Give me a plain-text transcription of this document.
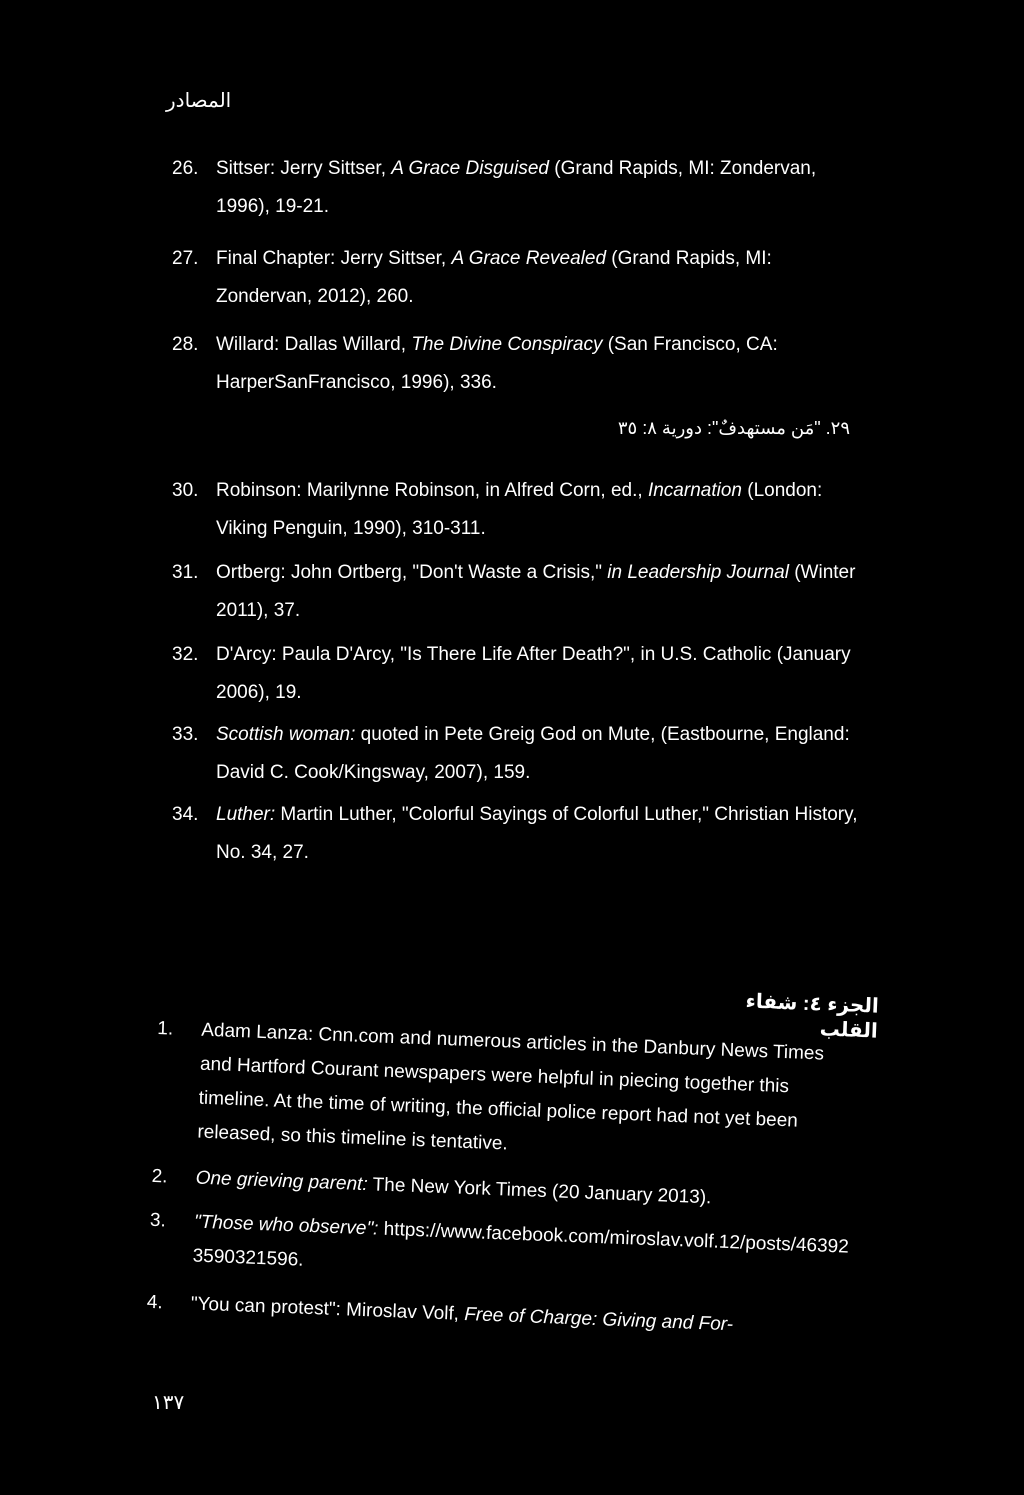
المصادر
26. Sittser: Jerry Sittser, A Grace Disguised (Grand Rapids, MI: Zondervan, 1996), 19-21.
27. Final Chapter: Jerry Sittser, A Grace Revealed (Grand Rapids, MI: Zondervan, 2012), 260.
28. Willard: Dallas Willard, The Divine Conspiracy (San Francisco, CA: HarperSanFrancisco, 1996), 336.
٢٩. "مَن مستهدفٌ": دورية ٨: ٣٥
30. Robinson: Marilynne Robinson, in Alfred Corn, ed., Incarnation (London: Viking Penguin, 1990), 310-311.
31. Ortberg: John Ortberg, "Don't Waste a Crisis," in Leadership Journal (Winter 2011), 37.
32. D'Arcy: Paula D'Arcy, "Is There Life After Death?", in U.S. Catholic (January 2006), 19.
33. Scottish woman: quoted in Pete Greig God on Mute, (Eastbourne, England: David C. Cook/Kingsway, 2007), 159.
34. Luther: Martin Luther, "Colorful Sayings of Colorful Luther," Christian History, No. 34, 27.
الجزء ٤: شفاء القلب
1. Adam Lanza: Cnn.com and numerous articles in the Danbury News Times and Hartford Courant newspapers were helpful in piecing together this timeline. At the time of writing, the official police report had not yet been released, so this timeline is tentative.
2. One grieving parent: The New York Times (20 January 2013).
3. "Those who observe": https://www.facebook.com/miroslav.volf.12/posts/463923590321596.
4. "You can protest": Miroslav Volf, Free of Charge: Giving and For-
١٣٧
